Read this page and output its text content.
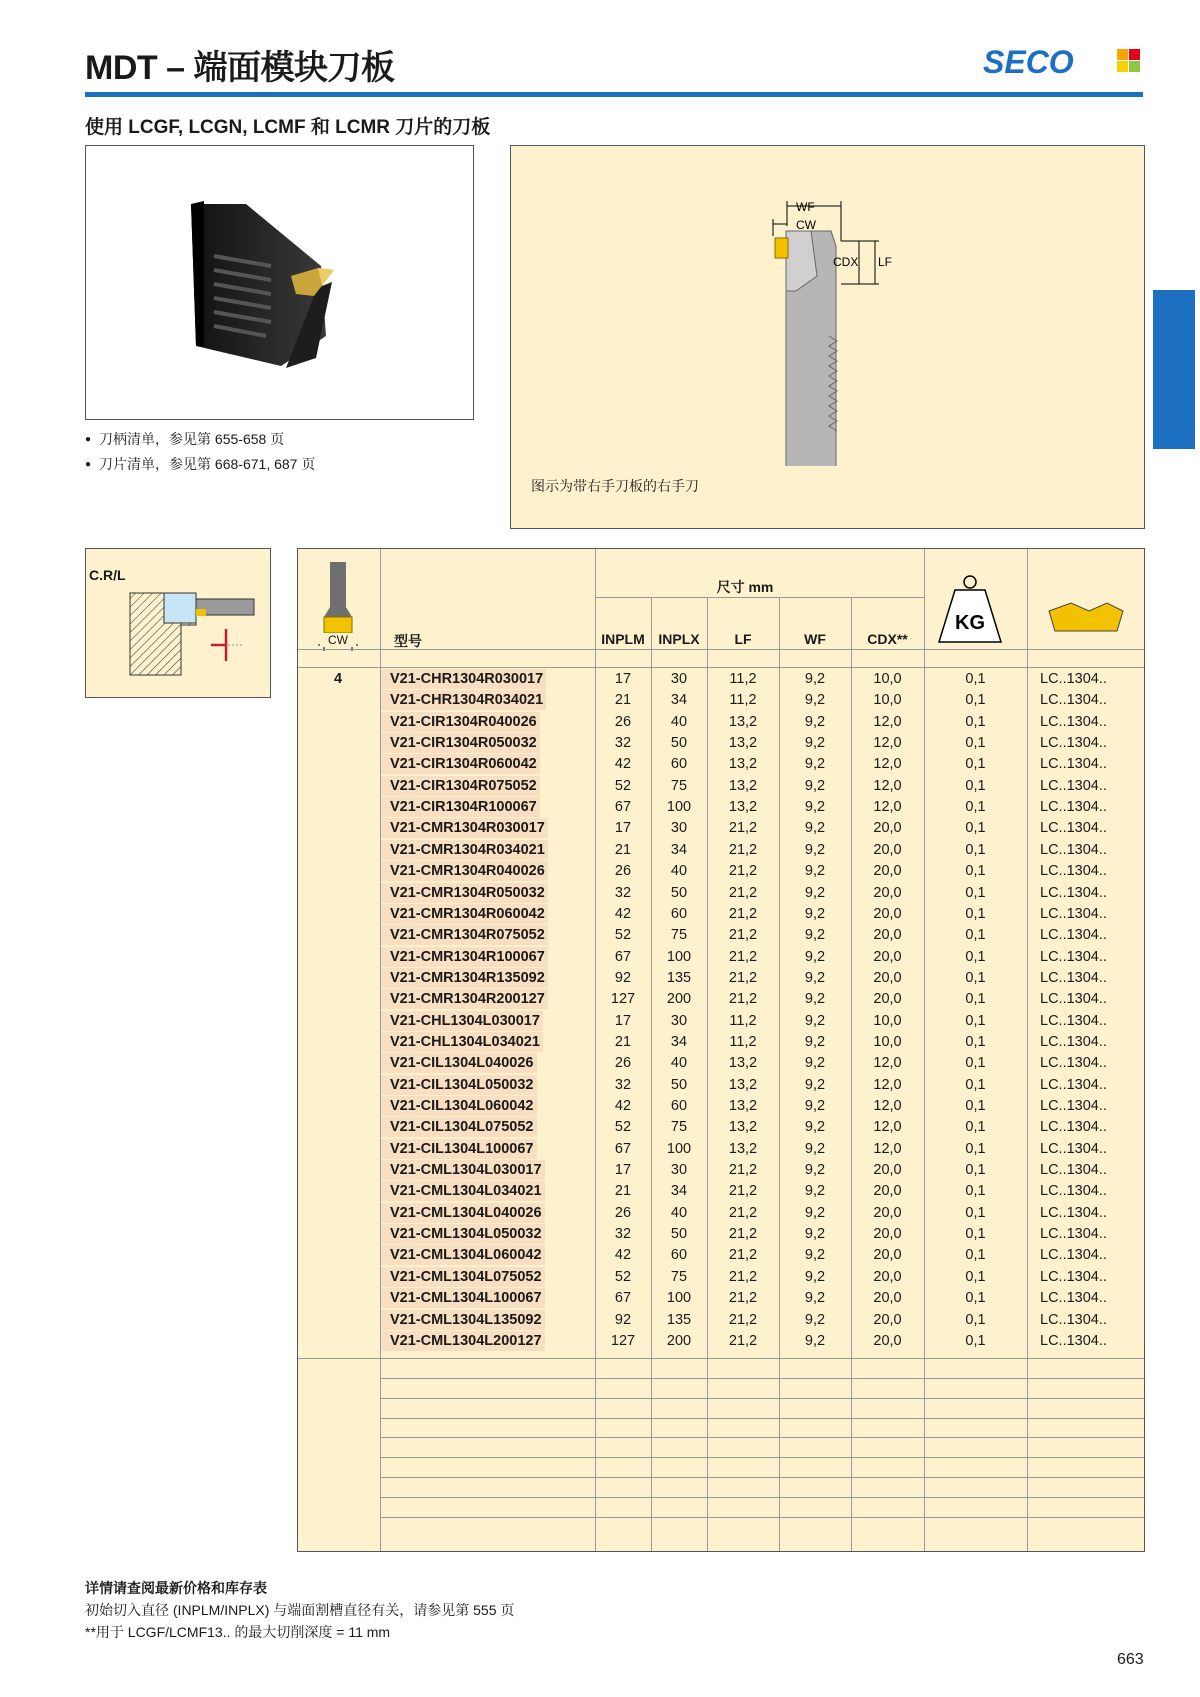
MDT – 端面模块刀板	SECO
使用 LCGF, LCGN, LCMF 和 LCMR 刀片的刀板
● 刀柄清单，参见第 655-658 页
● 刀片清单，参见第 668-671, 687 页
WF
CW
CDX LF
图示为带右手刀板的右手刀
C.R/L
CW	型号
尺寸 mm
INPLM INPLX	LF	WF	CDX**
KG
4	V21-CHR1304R030017	17	30	11,2	9,2	10,0	0,1	LC..1304..
V21-CHR1304R034021	21	34	11,2	9,2	10,0	0,1	LC..1304..
V21-CIR1304R040026	26	40	13,2	9,2	12,0	0,1	LC..1304..
V21-CIR1304R050032	32	50	13,2	9,2	12,0	0,1	LC..1304..
V21-CIR1304R060042	42	60	13,2	9,2	12,0	0,1	LC..1304..
V21-CIR1304R075052	52	75	13,2	9,2	12,0	0,1	LC..1304..
V21-CIR1304R100067	67	100	13,2	9,2	12,0	0,1	LC..1304..
V21-CMR1304R030017	17	30	21,2	9,2	20,0	0,1	LC..1304..
V21-CMR1304R034021	21	34	21,2	9,2	20,0	0,1	LC..1304..
V21-CMR1304R040026	26	40	21,2	9,2	20,0	0,1	LC..1304..
V21-CMR1304R050032	32	50	21,2	9,2	20,0	0,1	LC..1304..
V21-CMR1304R060042	42	60	21,2	9,2	20,0	0,1	LC..1304..
V21-CMR1304R075052	52	75	21,2	9,2	20,0	0,1	LC..1304..
V21-CMR1304R100067	67	100	21,2	9,2	20,0	0,1	LC..1304..
V21-CMR1304R135092	92	135	21,2	9,2	20,0	0,1	LC..1304..
V21-CMR1304R200127	127	200	21,2	9,2	20,0	0,1	LC..1304..
V21-CHL1304L030017	17	30	11,2	9,2	10,0	0,1	LC..1304..
V21-CHL1304L034021	21	34	11,2	9,2	10,0	0,1	LC..1304..
V21-CIL1304L040026	26	40	13,2	9,2	12,0	0,1	LC..1304..
V21-CIL1304L050032	32	50	13,2	9,2	12,0	0,1	LC..1304..
V21-CIL1304L060042	42	60	13,2	9,2	12,0	0,1	LC..1304..
V21-CIL1304L075052	52	75	13,2	9,2	12,0	0,1	LC..1304..
V21-CIL1304L100067	67	100	13,2	9,2	12,0	0,1	LC..1304..
V21-CML1304L030017	17	30	21,2	9,2	20,0	0,1	LC..1304..
V21-CML1304L034021	21	34	21,2	9,2	20,0	0,1	LC..1304..
V21-CML1304L040026	26	40	21,2	9,2	20,0	0,1	LC..1304..
V21-CML1304L050032	32	50	21,2	9,2	20,0	0,1	LC..1304..
V21-CML1304L060042	42	60	21,2	9,2	20,0	0,1	LC..1304..
V21-CML1304L075052	52	75	21,2	9,2	20,0	0,1	LC..1304..
V21-CML1304L100067	67	100	21,2	9,2	20,0	0,1	LC..1304..
V21-CML1304L135092	92	135	21,2	9,2	20,0	0,1	LC..1304..
V21-CML1304L200127	127	200	21,2	9,2	20,0	0,1	LC..1304..
详情请查阅最新价格和库存表
初始切入直径 (INPLM/INPLX) 与端面割槽直径有关，请参见第 555 页
**用于 LCGF/LCMF13.. 的最大切削深度 = 11 mm
663
